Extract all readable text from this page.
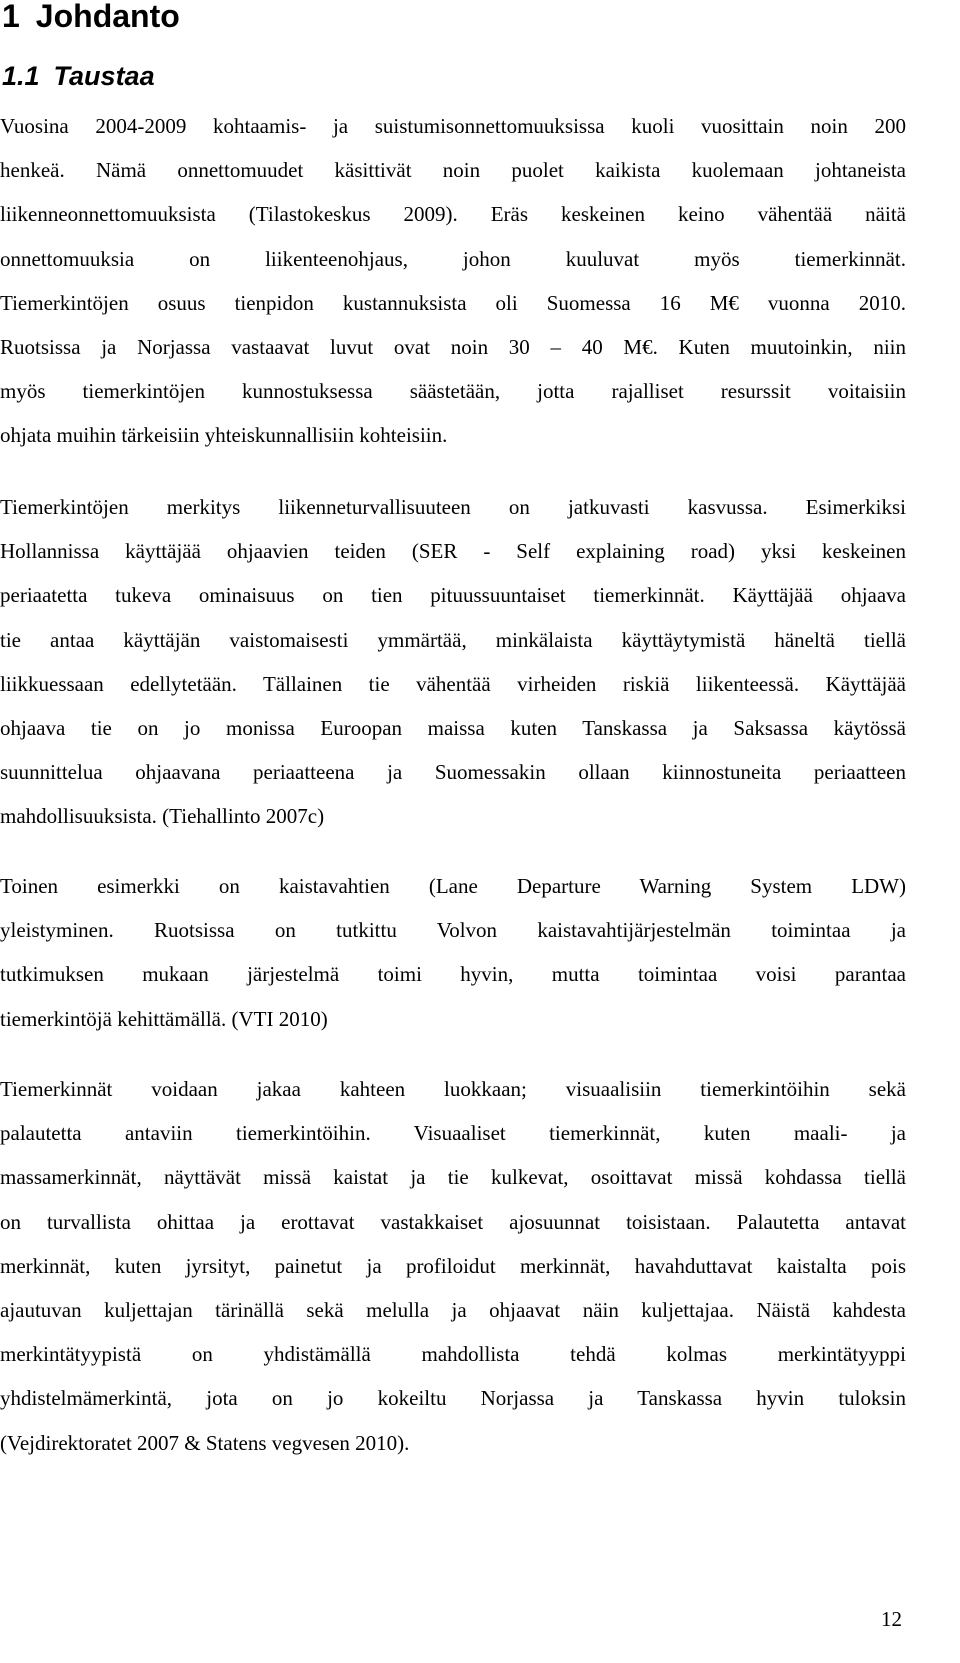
1 Johdanto
1.1 Taustaa

Vuosina 2004-2009 kohtaamis- ja suistumisonnettomuuksissa kuoli vuosittain noin 200
henkeä. Nämä onnettomuudet käsittivät noin puolet kaikista kuolemaan johtaneista
liikenneonnettomuuksista (Tilastokeskus 2009). Eräs keskeinen keino vähentää näitä
onnettomuuksia on liikenteenohjaus, johon kuuluvat myös tiemerkinnät.
Tiemerkintöjen osuus tienpidon kustannuksista oli Suomessa 16 M€ vuonna 2010.
Ruotsissa ja Norjassa vastaavat luvut ovat noin 30 – 40 M€. Kuten muutoinkin, niin
myös tiemerkintöjen kunnostuksessa säästetään, jotta rajalliset resurssit voitaisiin
ohjata muihin tärkeisiin yhteiskunnallisiin kohteisiin.

Tiemerkintöjen merkitys liikenneturvallisuuteen on jatkuvasti kasvussa. Esimerkiksi
Hollannissa käyttäjää ohjaavien teiden (SER - Self explaining road) yksi keskeinen
periaatetta tukeva ominaisuus on tien pituussuuntaiset tiemerkinnät. Käyttäjää ohjaava
tie antaa käyttäjän vaistomaisesti ymmärtää, minkälaista käyttäytymistä häneltä tiellä
liikkuessaan edellytetään. Tällainen tie vähentää virheiden riskiä liikenteessä. Käyttäjää
ohjaava tie on jo monissa Euroopan maissa kuten Tanskassa ja Saksassa käytössä
suunnittelua ohjaavana periaatteena ja Suomessakin ollaan kiinnostuneita periaatteen
mahdollisuuksista. (Tiehallinto 2007c)

Toinen esimerkki on kaistavahtien (Lane Departure Warning System LDW)
yleistyminen. Ruotsissa on tutkittu Volvon kaistavahtijärjestelmän toimintaa ja
tutkimuksen mukaan järjestelmä toimi hyvin, mutta toimintaa voisi parantaa
tiemerkintöjä kehittämällä. (VTI 2010)

Tiemerkinnät voidaan jakaa kahteen luokkaan; visuaalisiin tiemerkintöihin sekä
palautetta antaviin tiemerkintöihin. Visuaaliset tiemerkinnät, kuten maali- ja
massamerkinnät, näyttävät missä kaistat ja tie kulkevat, osoittavat missä kohdassa tiellä
on turvallista ohittaa ja erottavat vastakkaiset ajosuunnat toisistaan. Palautetta antavat
merkinnät, kuten jyrsityt, painetut ja profiloidut merkinnät, havahduttavat kaistalta pois
ajautuvan kuljettajan tärinällä sekä melulla ja ohjaavat näin kuljettajaa. Näistä kahdesta
merkintätyypistä on yhdistämällä mahdollista tehdä kolmas merkintätyyppi
yhdistelmämerkintä, jota on jo kokeiltu Norjassa ja Tanskassa hyvin tuloksin
(Vejdirektoratet 2007 & Statens vegvesen 2010).

12
